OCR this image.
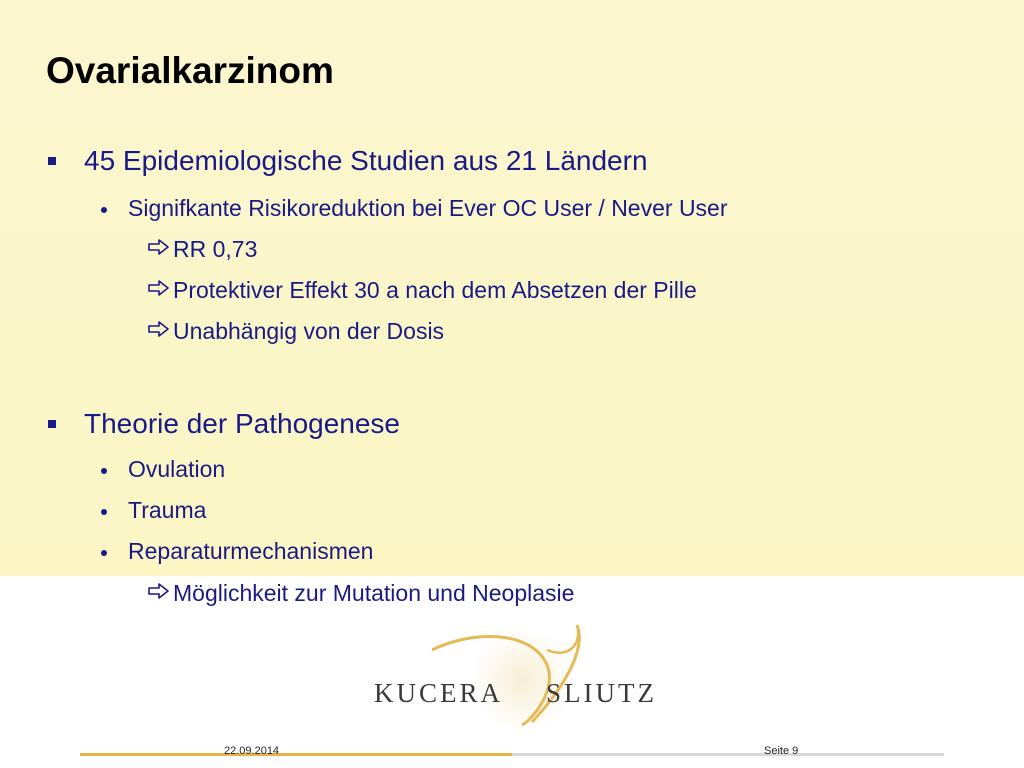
Ovarialkarzinom
45 Epidemiologische Studien aus 21 Ländern
Signifkante Risikoreduktion bei Ever OC User / Never User
RR 0,73
Protektiver Effekt 30 a nach dem Absetzen der Pille
Unabhängig von der Dosis
Theorie der Pathogenese
Ovulation
Trauma
Reparaturmechanismen
Möglichkeit zur Mutation und Neoplasie
KUCERA SLIUTZ
22.09.2014	Seite 9
